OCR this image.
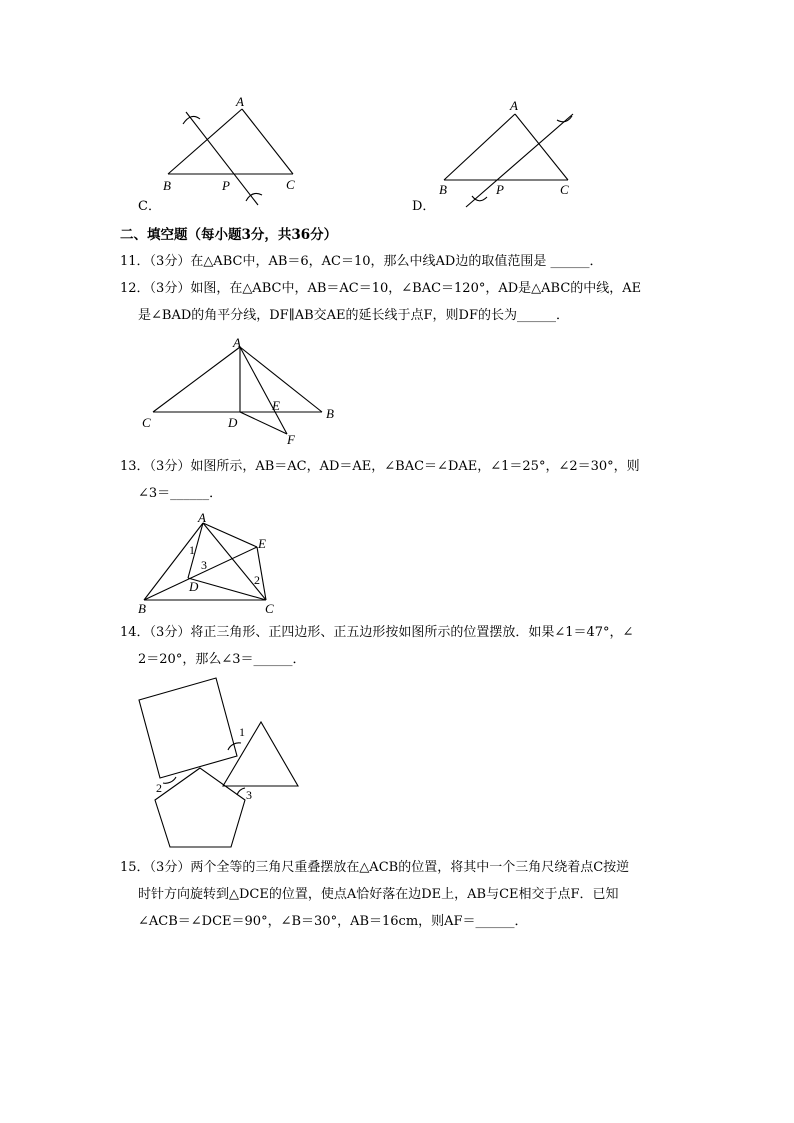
A
B	P	C
C．
A
B	P	C
D．
二、填空题（每小题3分，共36分）
11．（3分）在△ABC中，AB＝6，AC＝10，那么中线AD边的取值范围是 ______．
12．（3分）如图，在△ABC中，AB＝AC＝10，∠BAC＝120°，AD是△ABC的中线，AE
是∠BAD的角平分线，DF∥AB交AE的延长线于点F，则DF的长为______．
A
C	D
E
B
F
13．（3分）如图所示，AB＝AC，AD＝AE，∠BAC＝∠DAE，∠1＝25°，∠2＝30°，则
∠3＝______．
A
E
D
B	C
1
2
3
14．（3分）将正三角形、正四边形、正五边形按如图所示的位置摆放．如果∠1＝47°，∠
2＝20°，那么∠3＝______．
1
2	3
15．（3分）两个全等的三角尺重叠摆放在△ACB的位置，将其中一个三角尺绕着点C按逆
时针方向旋转到△DCE的位置，使点A恰好落在边DE上，AB与CE相交于点F．已知
∠ACB＝∠DCE＝90°，∠B＝30°，AB＝16cm，则AF＝______．
